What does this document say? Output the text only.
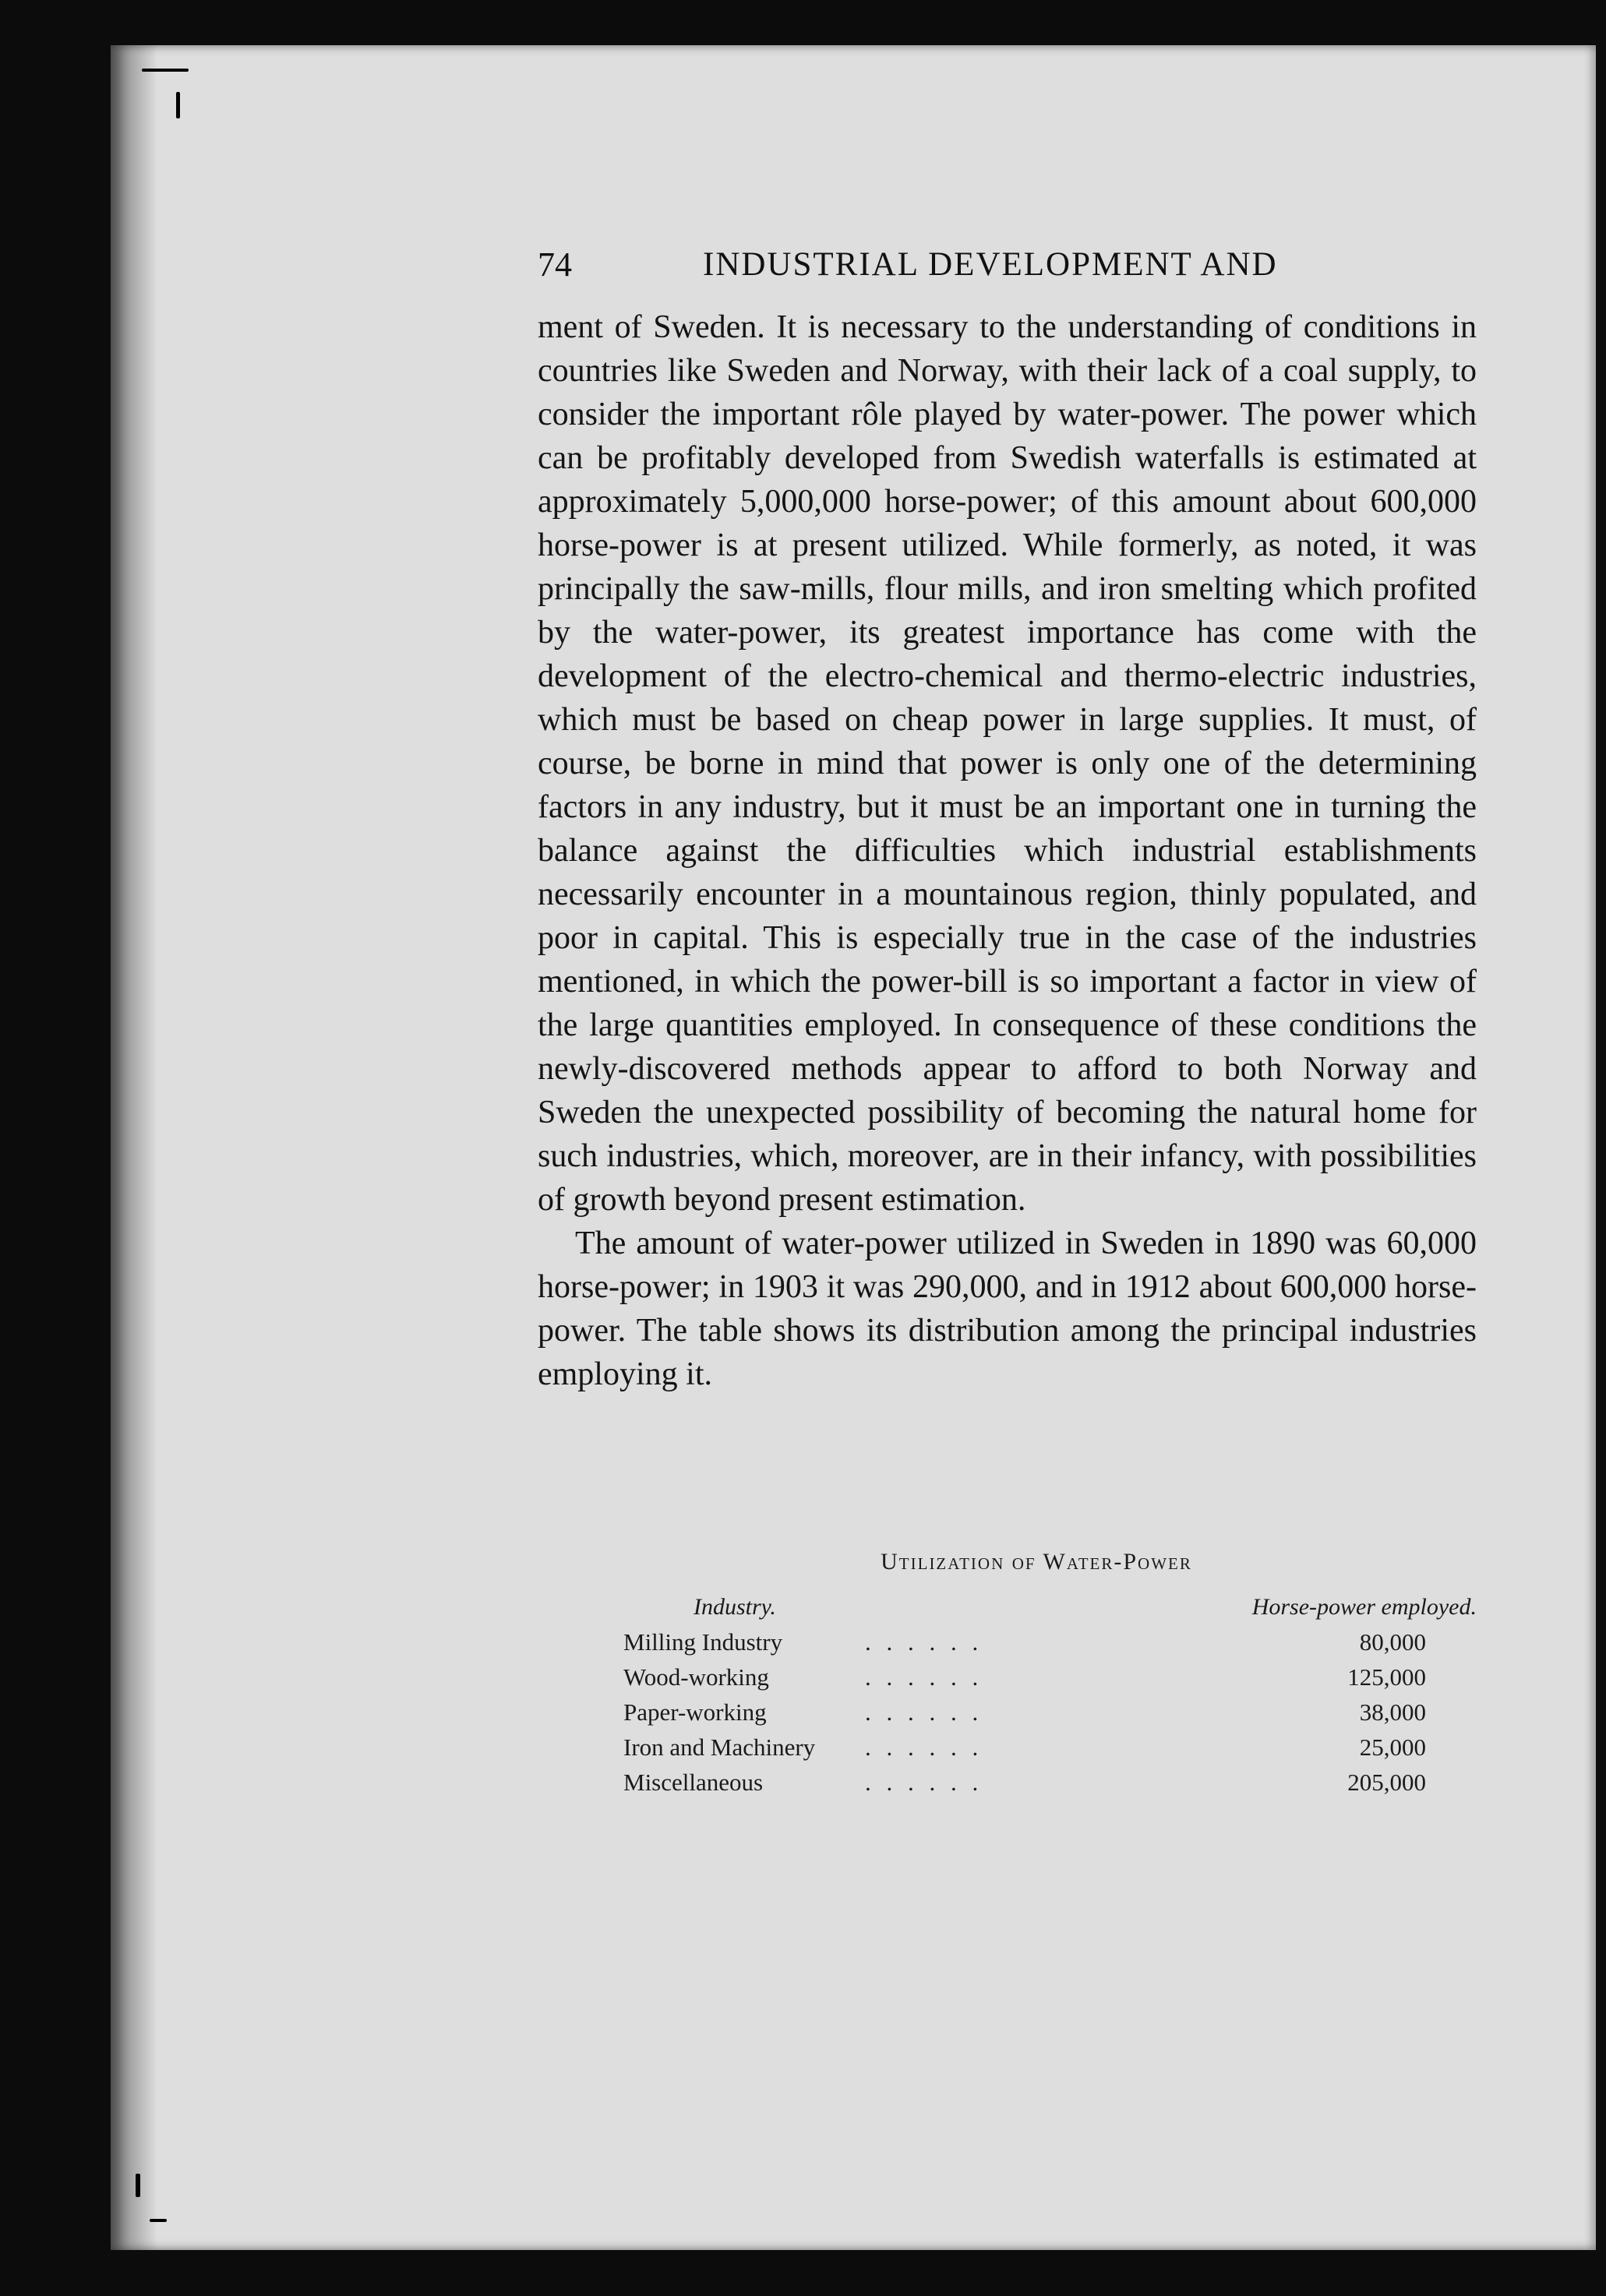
74	INDUSTRIAL DEVELOPMENT AND

ment of Sweden. It is necessary to the understanding of conditions in countries like Sweden and Norway, with their lack of a coal supply, to consider the important rôle played by water-power. The power which can be profitably developed from Swedish waterfalls is estimated at approximately 5,000,000 horse-power; of this amount about 600,000 horse-power is at present utilized. While formerly, as noted, it was principally the saw-mills, flour mills, and iron smelting which profited by the water-power, its greatest importance has come with the development of the electro-chemical and thermo-electric industries, which must be based on cheap power in large supplies. It must, of course, be borne in mind that power is only one of the determining factors in any industry, but it must be an important one in turning the balance against the difficulties which industrial establishments necessarily encounter in a mountainous region, thinly populated, and poor in capital. This is especially true in the case of the industries mentioned, in which the power-bill is so important a factor in view of the large quantities employed. In consequence of these conditions the newly-discovered methods appear to afford to both Norway and Sweden the unexpected possibility of becoming the natural home for such industries, which, moreover, are in their infancy, with possibilities of growth beyond present estimation.

The amount of water-power utilized in Sweden in 1890 was 60,000 horse-power; in 1903 it was 290,000, and in 1912 about 600,000 horse-power. The table shows its distribution among the principal industries employing it.

Utilization of Water-Power
Industry.	Horse-power employed.
Milling Industry	. . . . . .	80,000
Wood-working	. . . . . .	125,000
Paper-working	. . . . . .	38,000
Iron and Machinery . . . . . .	25,000
Miscellaneous	. . . . . .	205,000
